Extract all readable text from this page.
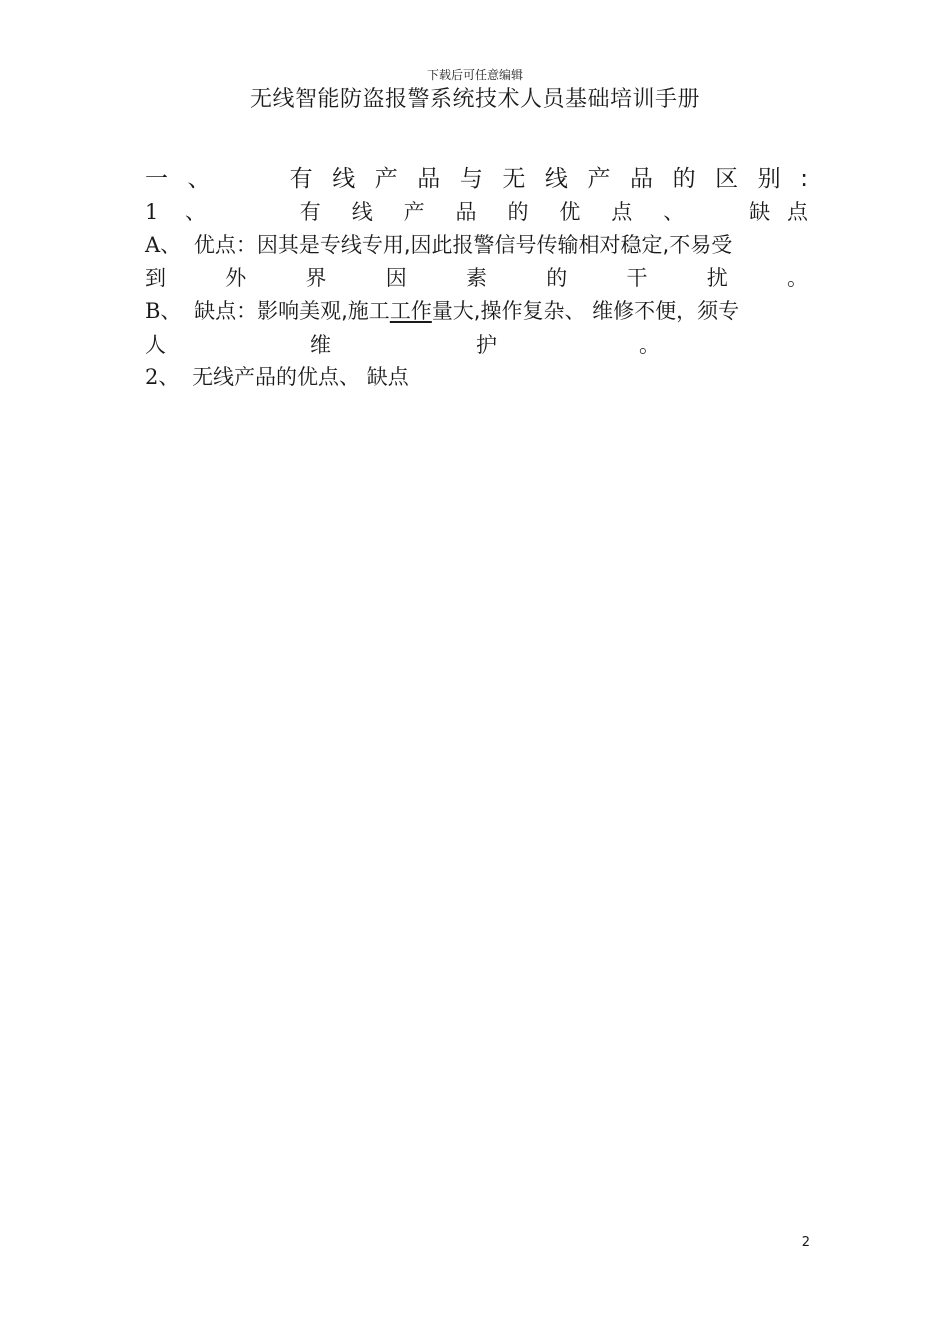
下载后可任意编辑
无线智能防盗报警系统技术人员基础培训手册
一 、	有 线 产 品 与 无 线 产 品 的 区 别 :
1	、	有	线	产	品	的	优	点	、	缺 点
A、 优点：因其是专线专用,因此报警信号传输相对稳定,不易受
到	外	界	因	素	的	干	扰	。
B、 缺点：影响美观,施工工作量大,操作复杂、 维修不便，须专
人	维	护	。
2、 无线产品的优点、 缺点
2
